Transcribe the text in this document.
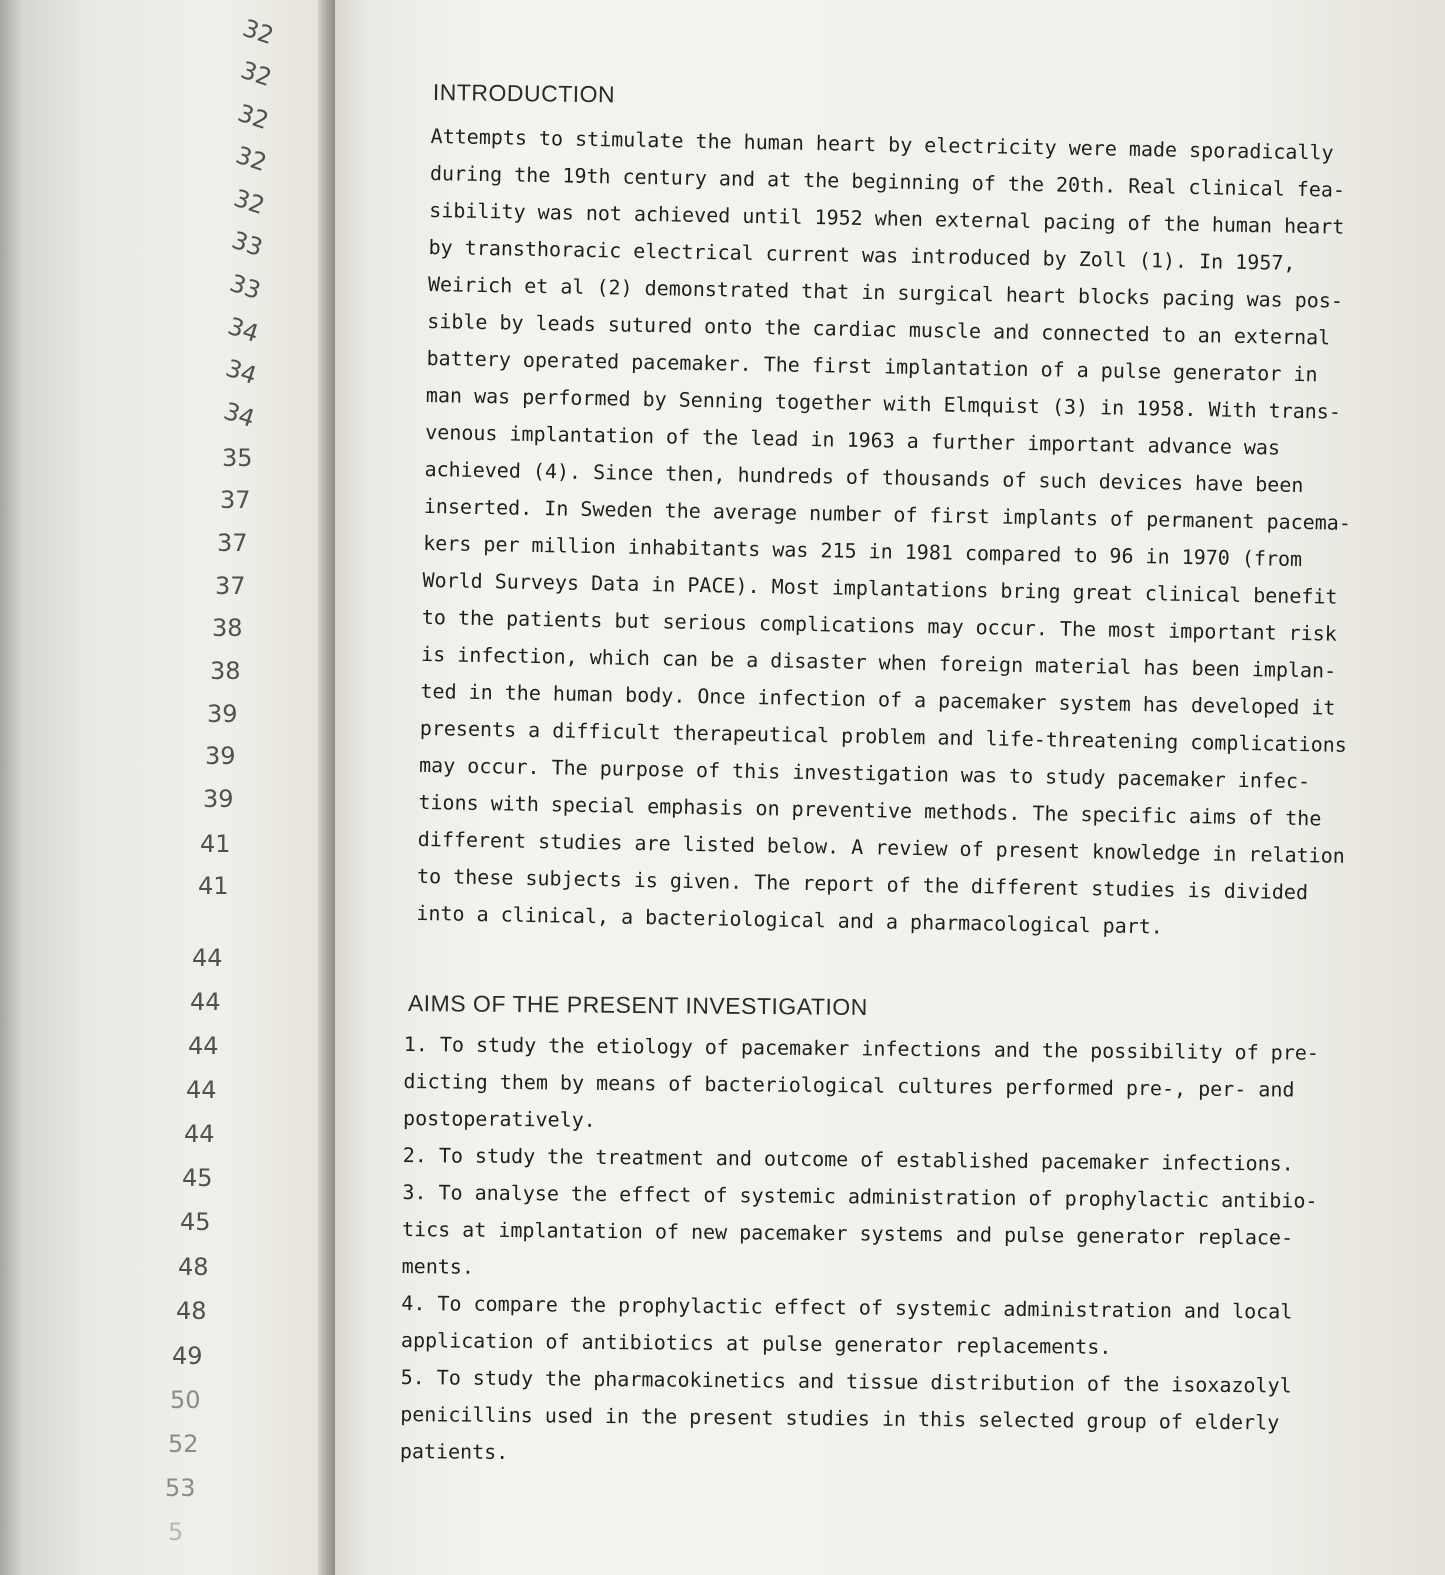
32
32
32
32
32
33
33
34
34
34
35
37
37
37
38
38
39
39
39
41
41
44
44
44
44
44
45
45
48
48
49
50
52
53
5
INTRODUCTION
Attempts to stimulate the human heart by electricity were made sporadically
during the 19th century and at the beginning of the 20th. Real clinical fea-
sibility was not achieved until 1952 when external pacing of the human heart
by transthoracic electrical current was introduced by Zoll (1). In 1957,
Weirich et al (2) demonstrated that in surgical heart blocks pacing was pos-
sible by leads sutured onto the cardiac muscle and connected to an external
battery operated pacemaker. The first implantation of a pulse generator in
man was performed by Senning together with Elmquist (3) in 1958. With trans-
venous implantation of the lead in 1963 a further important advance was
achieved (4). Since then, hundreds of thousands of such devices have been
inserted. In Sweden the average number of first implants of permanent pacema-
kers per million inhabitants was 215 in 1981 compared to 96 in 1970 (from
World Surveys Data in PACE). Most implantations bring great clinical benefit
to the patients but serious complications may occur. The most important risk
is infection, which can be a disaster when foreign material has been implan-
ted in the human body. Once infection of a pacemaker system has developed it
presents a difficult therapeutical problem and life-threatening complications
may occur. The purpose of this investigation was to study pacemaker infec-
tions with special emphasis on preventive methods. The specific aims of the
different studies are listed below. A review of present knowledge in relation
to these subjects is given. The report of the different studies is divided
into a clinical, a bacteriological and a pharmacological part.
AIMS OF THE PRESENT INVESTIGATION
1. To study the etiology of pacemaker infections and the possibility of pre-
dicting them by means of bacteriological cultures performed pre-, per- and
postoperatively.
2. To study the treatment and outcome of established pacemaker infections.
3. To analyse the effect of systemic administration of prophylactic antibio-
tics at implantation of new pacemaker systems and pulse generator replace-
ments.
4. To compare the prophylactic effect of systemic administration and local
application of antibiotics at pulse generator replacements.
5. To study the pharmacokinetics and tissue distribution of the isoxazolyl
penicillins used in the present studies in this selected group of elderly
patients.
